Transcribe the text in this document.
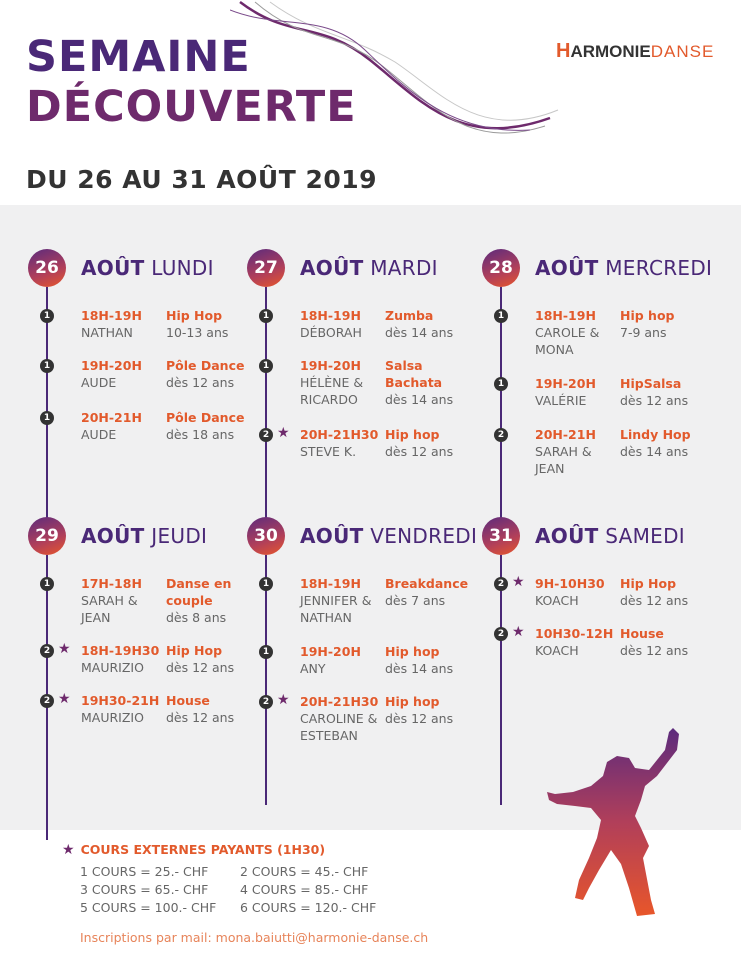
SEMAINE
DÉCOUVERTE
HARMONIEDANSE
DU 26 AU 31 AOÛT 2019
26	AOÛT LUNDI
1	18H-19H
NATHAN
Hip Hop
10-13 ans
1	19H-20H
AUDE
Pôle Dance
dès 12 ans
1	20H-21H
AUDE
Pôle Dance
dès 18 ans
27	AOÛT MARDI
1	18H-19H
DÉBORAH
Zumba
dès 14 ans
1	19H-20H
HÉLÈNE & RICARDO
Salsa Bachata
dès 14 ans
2 ★ 20H-21H30
STEVE K.
Hip hop
dès 12 ans
28	AOÛT MERCREDI
1	18H-19H
CAROLE & MONA
Hip hop
7-9 ans
1	19H-20H
VALÉRIE
HipSalsa
dès 12 ans
2	20H-21H
SARAH & JEAN
Lindy Hop
dès 14 ans
29	AOÛT JEUDI
1	17H-18H
SARAH & JEAN
Danse en couple
dès 8 ans
2 ★ 18H-19H30
MAURIZIO
Hip Hop
dès 12 ans
2 ★ 19H30-21H
MAURIZIO
House
dès 12 ans
30	AOÛT VENDREDI
1	18H-19H
JENNIFER & NATHAN
Breakdance
dès 7 ans
1	19H-20H
ANY
Hip hop
dès 14 ans
2 ★ 20H-21H30
CAROLINE & ESTEBAN
Hip hop
dès 12 ans
31	AOÛT SAMEDI
2 ★ 9H-10H30
KOACH
Hip Hop
dès 12 ans
2 ★ 10H30-12H
KOACH
House
dès 12 ans
★ COURS EXTERNES PAYANTS (1H30)
1 COURS = 25.- CHF	2 COURS = 45.- CHF
3 COURS = 65.- CHF	4 COURS = 85.- CHF
5 COURS = 100.- CHF 6 COURS = 120.- CHF
Inscriptions par mail: mona.baiutti@harmonie-danse.ch
